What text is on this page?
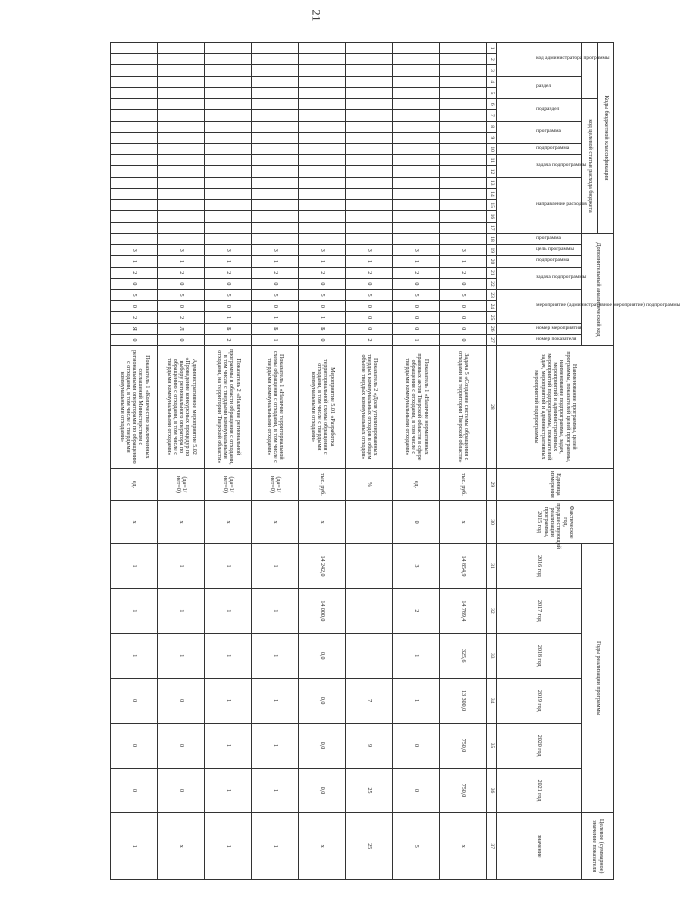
21
Коды бюджетной классификации																	Дополнительный аналитический код										Наименование программы, целей программы, показателей целей программы, наименование подпрограммы, задач, мероприятий и административных мероприятий подпрограммы, показателей задач, мероприятий и административных мероприятий подпрограммы	Единица измерения	Фактическое год, предшествующий реализации программы, 2015 год	Годы реализации программы						Целевое (суммарное) значение показателя
					код целевой статьи расхода бюджета																															

код администратора программы			раздел		подраздел		программа		подпрограмма	задача подпрограммы		направление расходов					программа	цель программы	подпрограмма	задача подпрограммы		мероприятие (административное мероприятие) подпрограммы			номер мероприятия	номер показателя				2016 год	2017 год	2018 год	2019 год	2020 год	2021 год	значение
1	2	3	4	5	6	7	8	9	10	11	12	13	14	15	16	17	18	19	20	21	22	23	24	25	26	27	28	29	30	31	32	33	34	35	36	37
																		3	1	2	0	5	0	0	0	0	Задача 5 «Создание системы обращения с отходами на территории Тверской области»	тыс. руб.	x	14 854,9	14 789,4	325,6	13 300,0	750,0	750,0	x
																		3	1	2	0	5	0	0	0	1	Показатель 1 «Наличие нормативных правовых актов Тверской области в сфере обращения с отходами, в том числе с твердыми коммунальными отходами»	ед.	0	3	2	1	1	0	0	5
																		3	1	2	0	5	0	0	0	2	Показатель 2 «Доля утилизированных твердых коммунальных отходов в общем объеме твердых коммунальных отходов»	%					7	9	25	25
																		3	1	2	0	5	0	1	Б	0	Мероприятие 5.01 «Разработка территориальной схемы обращения с отходами, в том числе с твердыми коммунальными отходами»	тыс. руб.	x	14 242,0	14 000,0	0,0	0,0	0,0	0,0	x
																		3	1	2	0	5	0	1	Б	1	Показатель 1 «Наличие территориальной схемы обращения с отходами, в том числе с твердыми коммунальными отходами»	(да=1/ нет=0)	x	1	1	1	1	1	1	1
																		3	1	2	0	5	0	1	Б	2	Показатель 2 «Наличие региональной программы в области обращения с отходами, в том числе с твердыми коммунальными отходами, на территории Тверской области»	(да=1/ нет=0)	x	1	1	1	1	1	1	1
																		3	1	2	0	5	0	2	Л	0	Административное мероприятие 5.02 «Проведение конкурсных процедур по выбору регионального оператора по обращению с отходами, в том числе с твердыми коммунальными отходами»	(да=1/ нет=0)	x	1	1	1	0	0	0	x
																		3	1	2	0	5	0	2	Я	0	Показатель 1 «Количество заключенных соглашений Министерством с региональными операторами по обращению с отходами, в том числе с твердыми коммунальными отходами»	ед.	x	1	1	1	0	0	0	1
